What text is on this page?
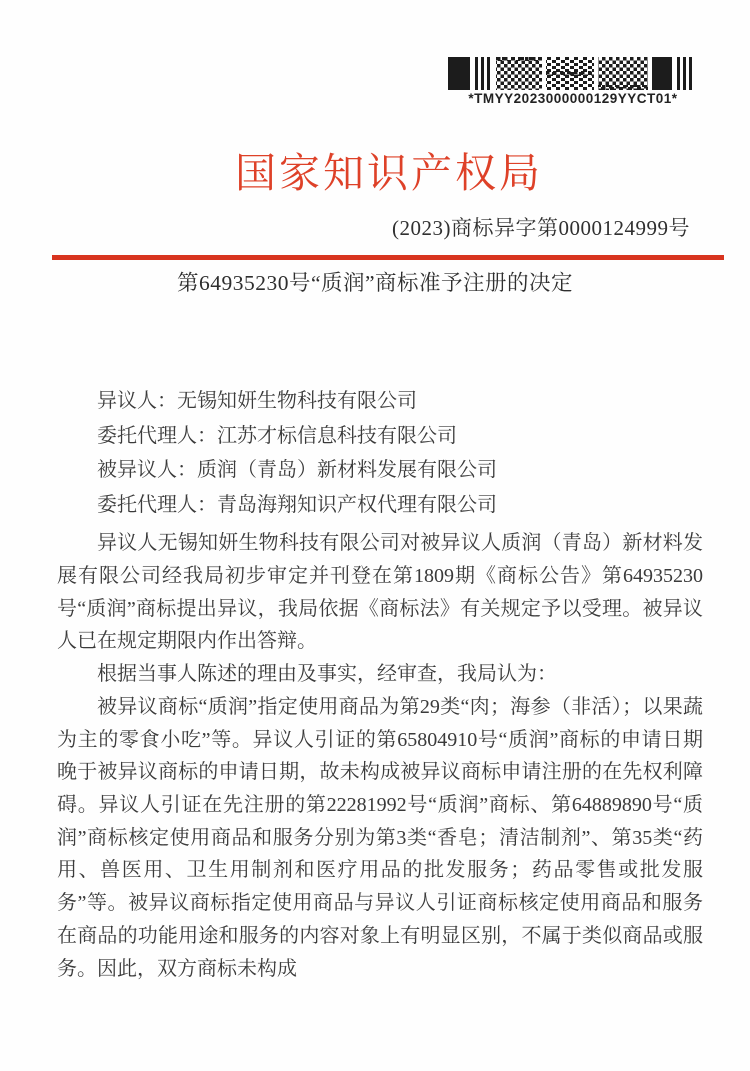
*TMYY2023000000129YYCT01*
国家知识产权局
(2023)商标异字第0000124999号
第64935230号“质润”商标准予注册的决定

异议人：无锡知妍生物科技有限公司

委托代理人：江苏才标信息科技有限公司

被异议人：质润（青岛）新材料发展有限公司

委托代理人：青岛海翔知识产权代理有限公司

异议人无锡知妍生物科技有限公司对被异议人质润（青岛）新材料发展有限公司经我局初步审定并刊登在第1809期《商标公告》第64935230号“质润”商标提出异议，我局依据《商标法》有关规定予以受理。被异议人已在规定期限内作出答辩。

根据当事人陈述的理由及事实，经审查，我局认为：

被异议商标“质润”指定使用商品为第29类“肉；海参（非活）；以果蔬为主的零食小吃”等。异议人引证的第65804910号“质润”商标的申请日期晚于被异议商标的申请日期，故未构成被异议商标申请注册的在先权利障碍。异议人引证在先注册的第22281992号“质润”商标、第64889890号“质润”商标核定使用商品和服务分别为第3类“香皂；清洁制剂”、第35类“药用、兽医用、卫生用制剂和医疗用品的批发服务；药品零售或批发服务”等。被异议商标指定使用商品与异议人引证商标核定使用商品和服务在商品的功能用途和服务的内容对象上有明显区别，不属于类似商品或服务。因此，双方商标未构成
